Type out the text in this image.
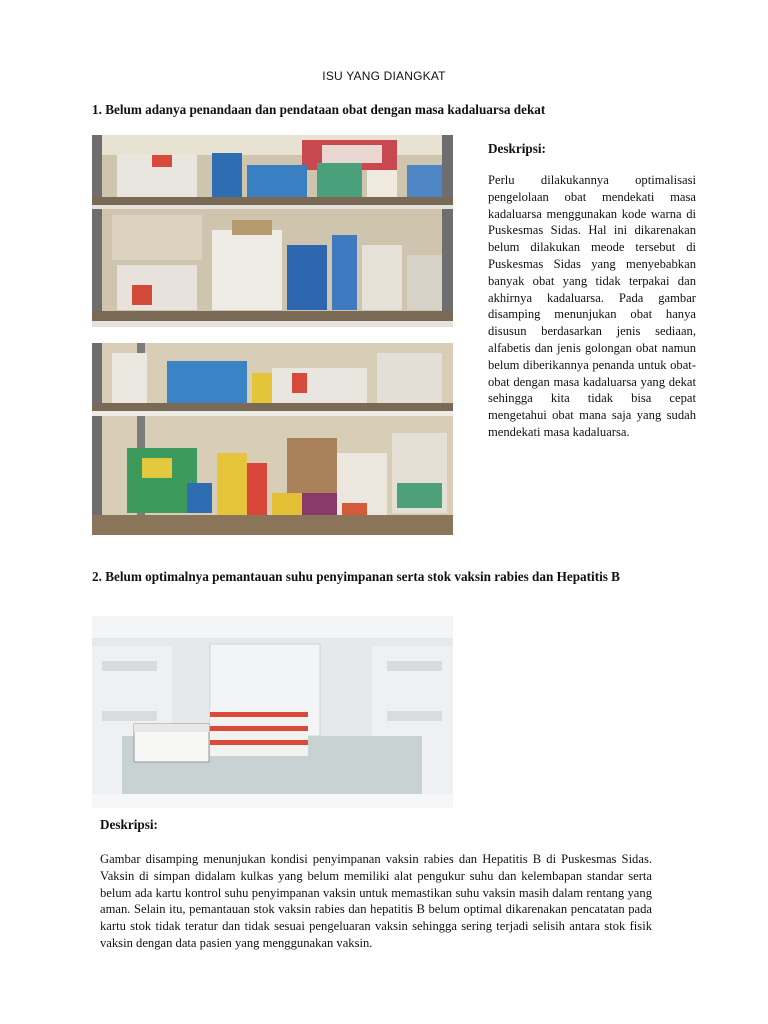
ISU YANG DIANGKAT
1. Belum adanya penandaan dan pendataan obat dengan masa kadaluarsa dekat
Deskripsi:
Perlu dilakukannya optimalisasi pengelolaan obat mendekati masa kadaluarsa menggunakan kode warna di Puskesmas Sidas. Hal ini dikarenakan belum dilakukan meode tersebut di Puskesmas Sidas yang menyebabkan banyak obat yang tidak terpakai dan akhirnya kadaluarsa. Pada gambar disamping menunjukan obat hanya disusun berdasarkan jenis sediaan, alfabetis dan jenis golongan obat namun belum diberikannya penanda untuk obat-obat dengan masa kadaluarsa yang dekat sehingga kita tidak bisa cepat mengetahui obat mana saja yang sudah mendekati masa kadaluarsa.
2. Belum optimalnya pemantauan suhu penyimpanan serta stok vaksin rabies dan Hepatitis B
Deskripsi:
Gambar disamping menunjukan kondisi penyimpanan vaksin rabies dan Hepatitis B di Puskesmas Sidas. Vaksin di simpan didalam kulkas yang belum memiliki alat pengukur suhu dan kelembapan standar serta belum ada kartu kontrol suhu penyimpanan vaksin untuk memastikan suhu vaksin masih dalam rentang yang aman. Selain itu, pemantauan stok vaksin rabies dan hepatitis B belum optimal dikarenakan pencatatan pada kartu stok tidak teratur dan tidak sesuai pengeluaran vaksin sehingga sering terjadi selisih antara stok fisik vaksin dengan data pasien yang menggunakan vaksin.
